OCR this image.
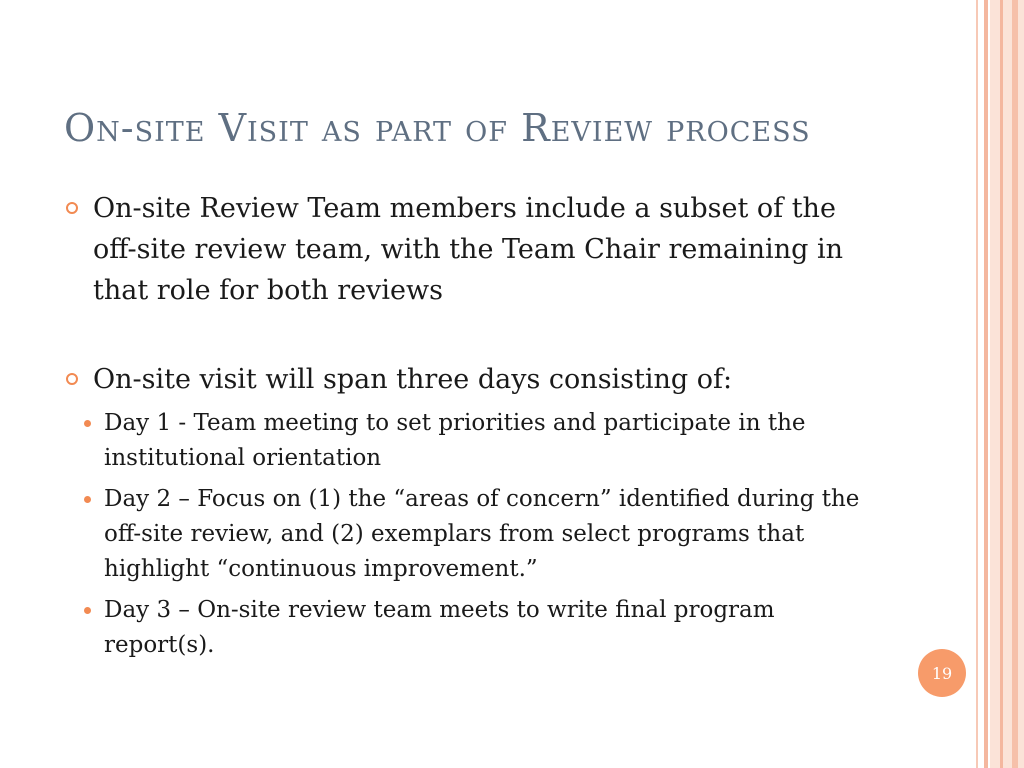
On-site Visit as part of Review process
On-site Review Team members include a subset of the off-site review team, with the Team Chair remaining in that role for both reviews
On-site visit will span three days consisting of:
Day 1 - Team meeting to set priorities and participate in the institutional orientation
Day 2 – Focus on (1) the “areas of concern” identified during the off-site review, and (2) exemplars from select programs that highlight “continuous improvement.”
Day 3 – On-site review team meets to write final program report(s).
19
